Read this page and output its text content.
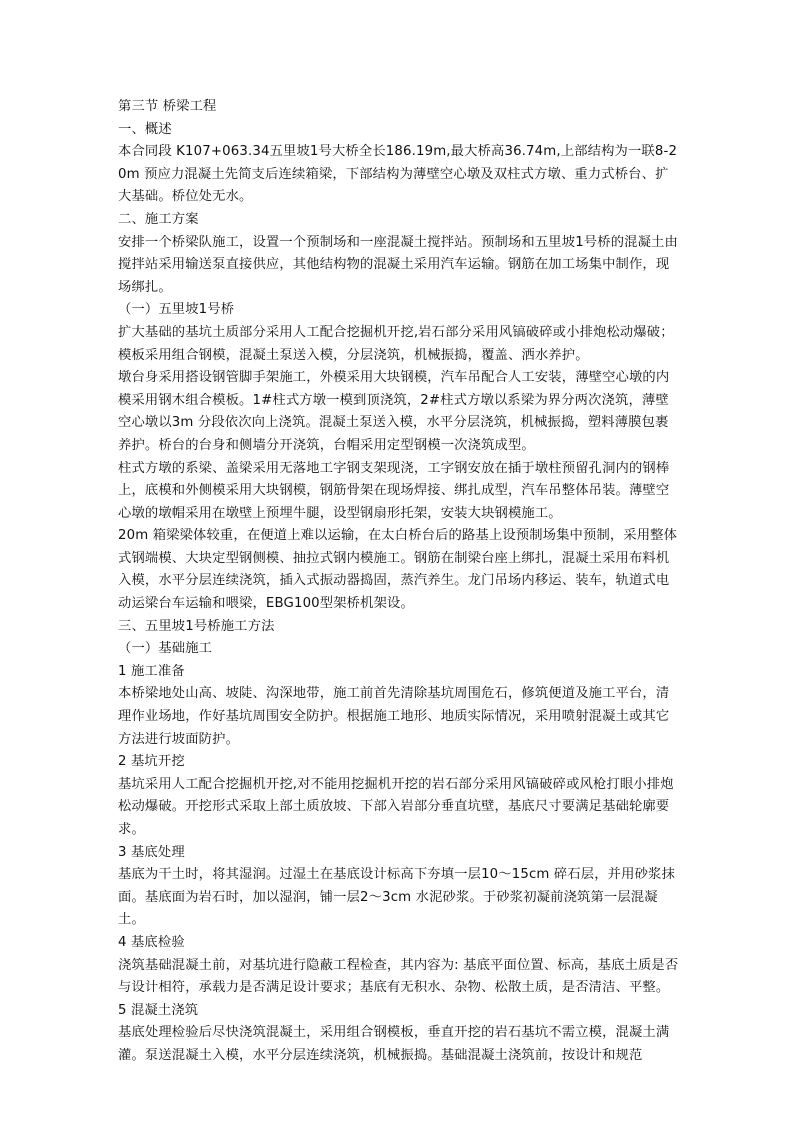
第三节 桥梁工程
一、概述
本合同段 K107+063.34五里坡1号大桥全长186.19m,最大桥高36.74m,上部结构为一联8-20m 预应力混凝土先简支后连续箱梁，下部结构为薄壁空心墩及双柱式方墩、重力式桥台、扩大基础。桥位处无水。
二、施工方案
安排一个桥梁队施工，设置一个预制场和一座混凝土搅拌站。预制场和五里坡1号桥的混凝土由搅拌站采用输送泵直接供应，其他结构物的混凝土采用汽车运输。钢筋在加工场集中制作，现场绑扎。
（一）五里坡1号桥
扩大基础的基坑土质部分采用人工配合挖掘机开挖,岩石部分采用风镐破碎或小排炮松动爆破；模板采用组合钢模，混凝土泵送入模，分层浇筑，机械振捣，覆盖、洒水养护。
墩台身采用搭设钢管脚手架施工，外模采用大块钢模，汽车吊配合人工安装，薄壁空心墩的内模采用钢木组合模板。1#柱式方墩一模到顶浇筑，2#柱式方墩以系梁为界分两次浇筑，薄壁空心墩以3m 分段依次向上浇筑。混凝土泵送入模，水平分层浇筑，机械振捣，塑料薄膜包裹养护。桥台的台身和侧墙分开浇筑，台帽采用定型钢模一次浇筑成型。
柱式方墩的系梁、盖梁采用无落地工字钢支架现浇，工字钢安放在插于墩柱预留孔洞内的钢棒上，底模和外侧模采用大块钢模，钢筋骨架在现场焊接、绑扎成型，汽车吊整体吊装。薄壁空心墩的墩帽采用在墩壁上预埋牛腿，设型钢扇形托架，安装大块钢模施工。
20m 箱梁梁体较重，在便道上难以运输，在太白桥台后的路基上设预制场集中预制，采用整体式钢端模、大块定型钢侧模、抽拉式钢内模施工。钢筋在制梁台座上绑扎，混凝土采用布料机入模，水平分层连续浇筑，插入式振动器捣固，蒸汽养生。龙门吊场内移运、装车，轨道式电动运梁台车运输和喂梁，EBG100型架桥机架设。
三、五里坡1号桥施工方法
（一）基础施工
1 施工准备
本桥梁地处山高、坡陡、沟深地带，施工前首先清除基坑周围危石，修筑便道及施工平台，清理作业场地，作好基坑周围安全防护。根据施工地形、地质实际情况，采用喷射混凝土或其它方法进行坡面防护。
2 基坑开挖
基坑采用人工配合挖掘机开挖,对不能用挖掘机开挖的岩石部分采用风镐破碎或风枪打眼小排炮松动爆破。开挖形式采取上部土质放坡、下部入岩部分垂直坑壁，基底尺寸要满足基础轮廓要求。
3 基底处理
基底为干土时，将其湿润。过湿土在基底设计标高下夯填一层10～15cm 碎石层，并用砂浆抹面。基底面为岩石时，加以湿润，铺一层2～3cm 水泥砂浆。于砂浆初凝前浇筑第一层混凝土。
4 基底检验
浇筑基础混凝土前，对基坑进行隐蔽工程检查，其内容为: 基底平面位置、标高，基底土质是否与设计相符，承载力是否满足设计要求；基底有无积水、杂物、松散土质，是否清洁、平整。
5 混凝土浇筑
基底处理检验后尽快浇筑混凝土，采用组合钢模板，垂直开挖的岩石基坑不需立模，混凝土满灌。泵送混凝土入模，水平分层连续浇筑，机械振捣。基础混凝土浇筑前，按设计和规范
